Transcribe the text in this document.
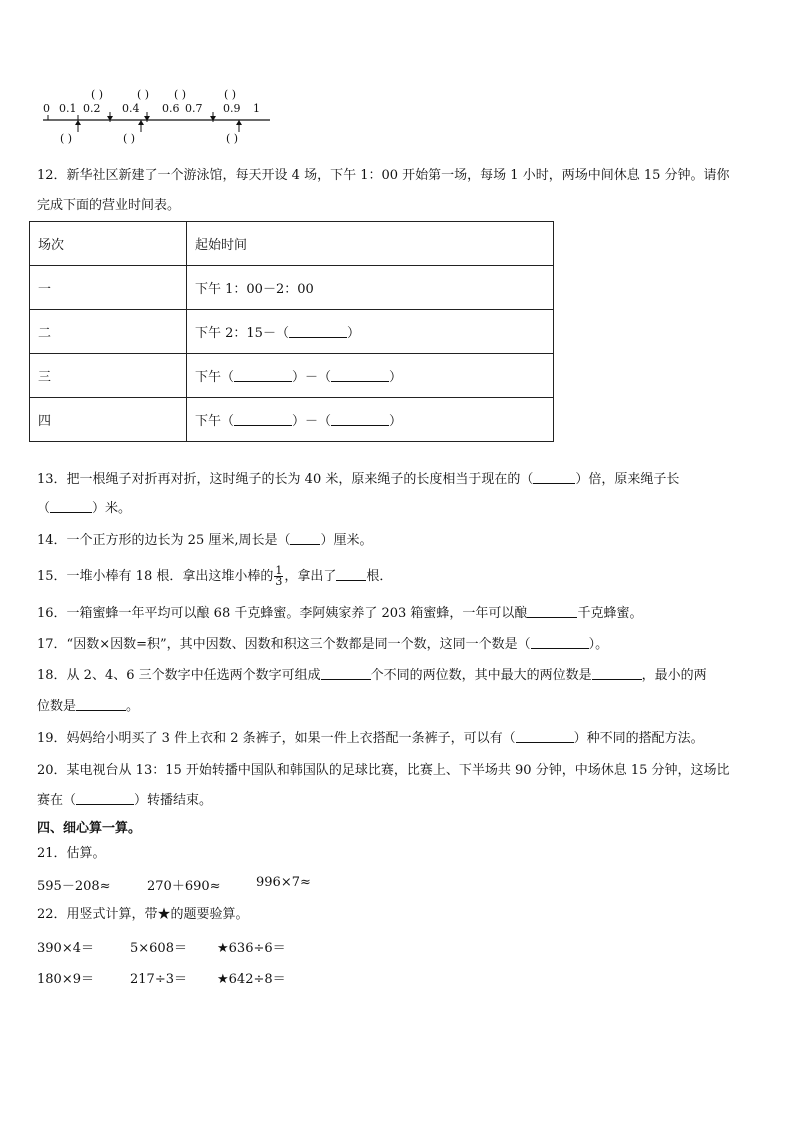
0 0.1 0.2 0.4 0.6 0.7 0.9 1
( )	( ) ( )	( )
( )	( )	( )
12．新华社区新建了一个游泳馆，每天开设 4 场，下午 1：00 开始第一场，每场 1 小时，两场中间休息 15 分钟。请你
完成下面的营业时间表。
场次	起始时间
一	下午 1：00－2：00
二	下午 2：15－（ ）
三	下午（ ）－（ ）
四	下午（ ）－（ ）
13．把一根绳子对折再对折，这时绳子的长为 40 米，原来绳子的长度相当于现在的（	）倍，原来绳子长
（	）米。
14．一个正方形的边长为 25 厘米,周长是（ ）厘米。
15．一堆小棒有 18 根．拿出这堆小棒的 $\frac{1}{3}$ ，拿出了 根．
16．一箱蜜蜂一年平均可以酿 68 千克蜂蜜。李阿姨家养了 203 箱蜜蜂，一年可以酿	千克蜂蜜。
17．“因数×因数=积”，其中因数、因数和积这三个数都是同一个数，这同一个数是（	）。
18．从 2、4、6 三个数字中任选两个数字可组成	个不同的两位数，其中最大的两位数是	，最小的两
位数是	。
19．妈妈给小明买了 3 件上衣和 2 条裤子，如果一件上衣搭配一条裤子，可以有（	）种不同的搭配方法。
20．某电视台从 13：15 开始转播中国队和韩国队的足球比赛，比赛上、下半场共 90 分钟，中场休息 15 分钟，这场比
赛在（	）转播结束。
四、细心算一算。
21．估算。
595－208≈	270＋690≈	996×7≈
22．用竖式计算，带★的题要验算。
390×4＝	5×608＝ ★636÷6＝
180×9＝	217÷3＝ ★642÷8＝
